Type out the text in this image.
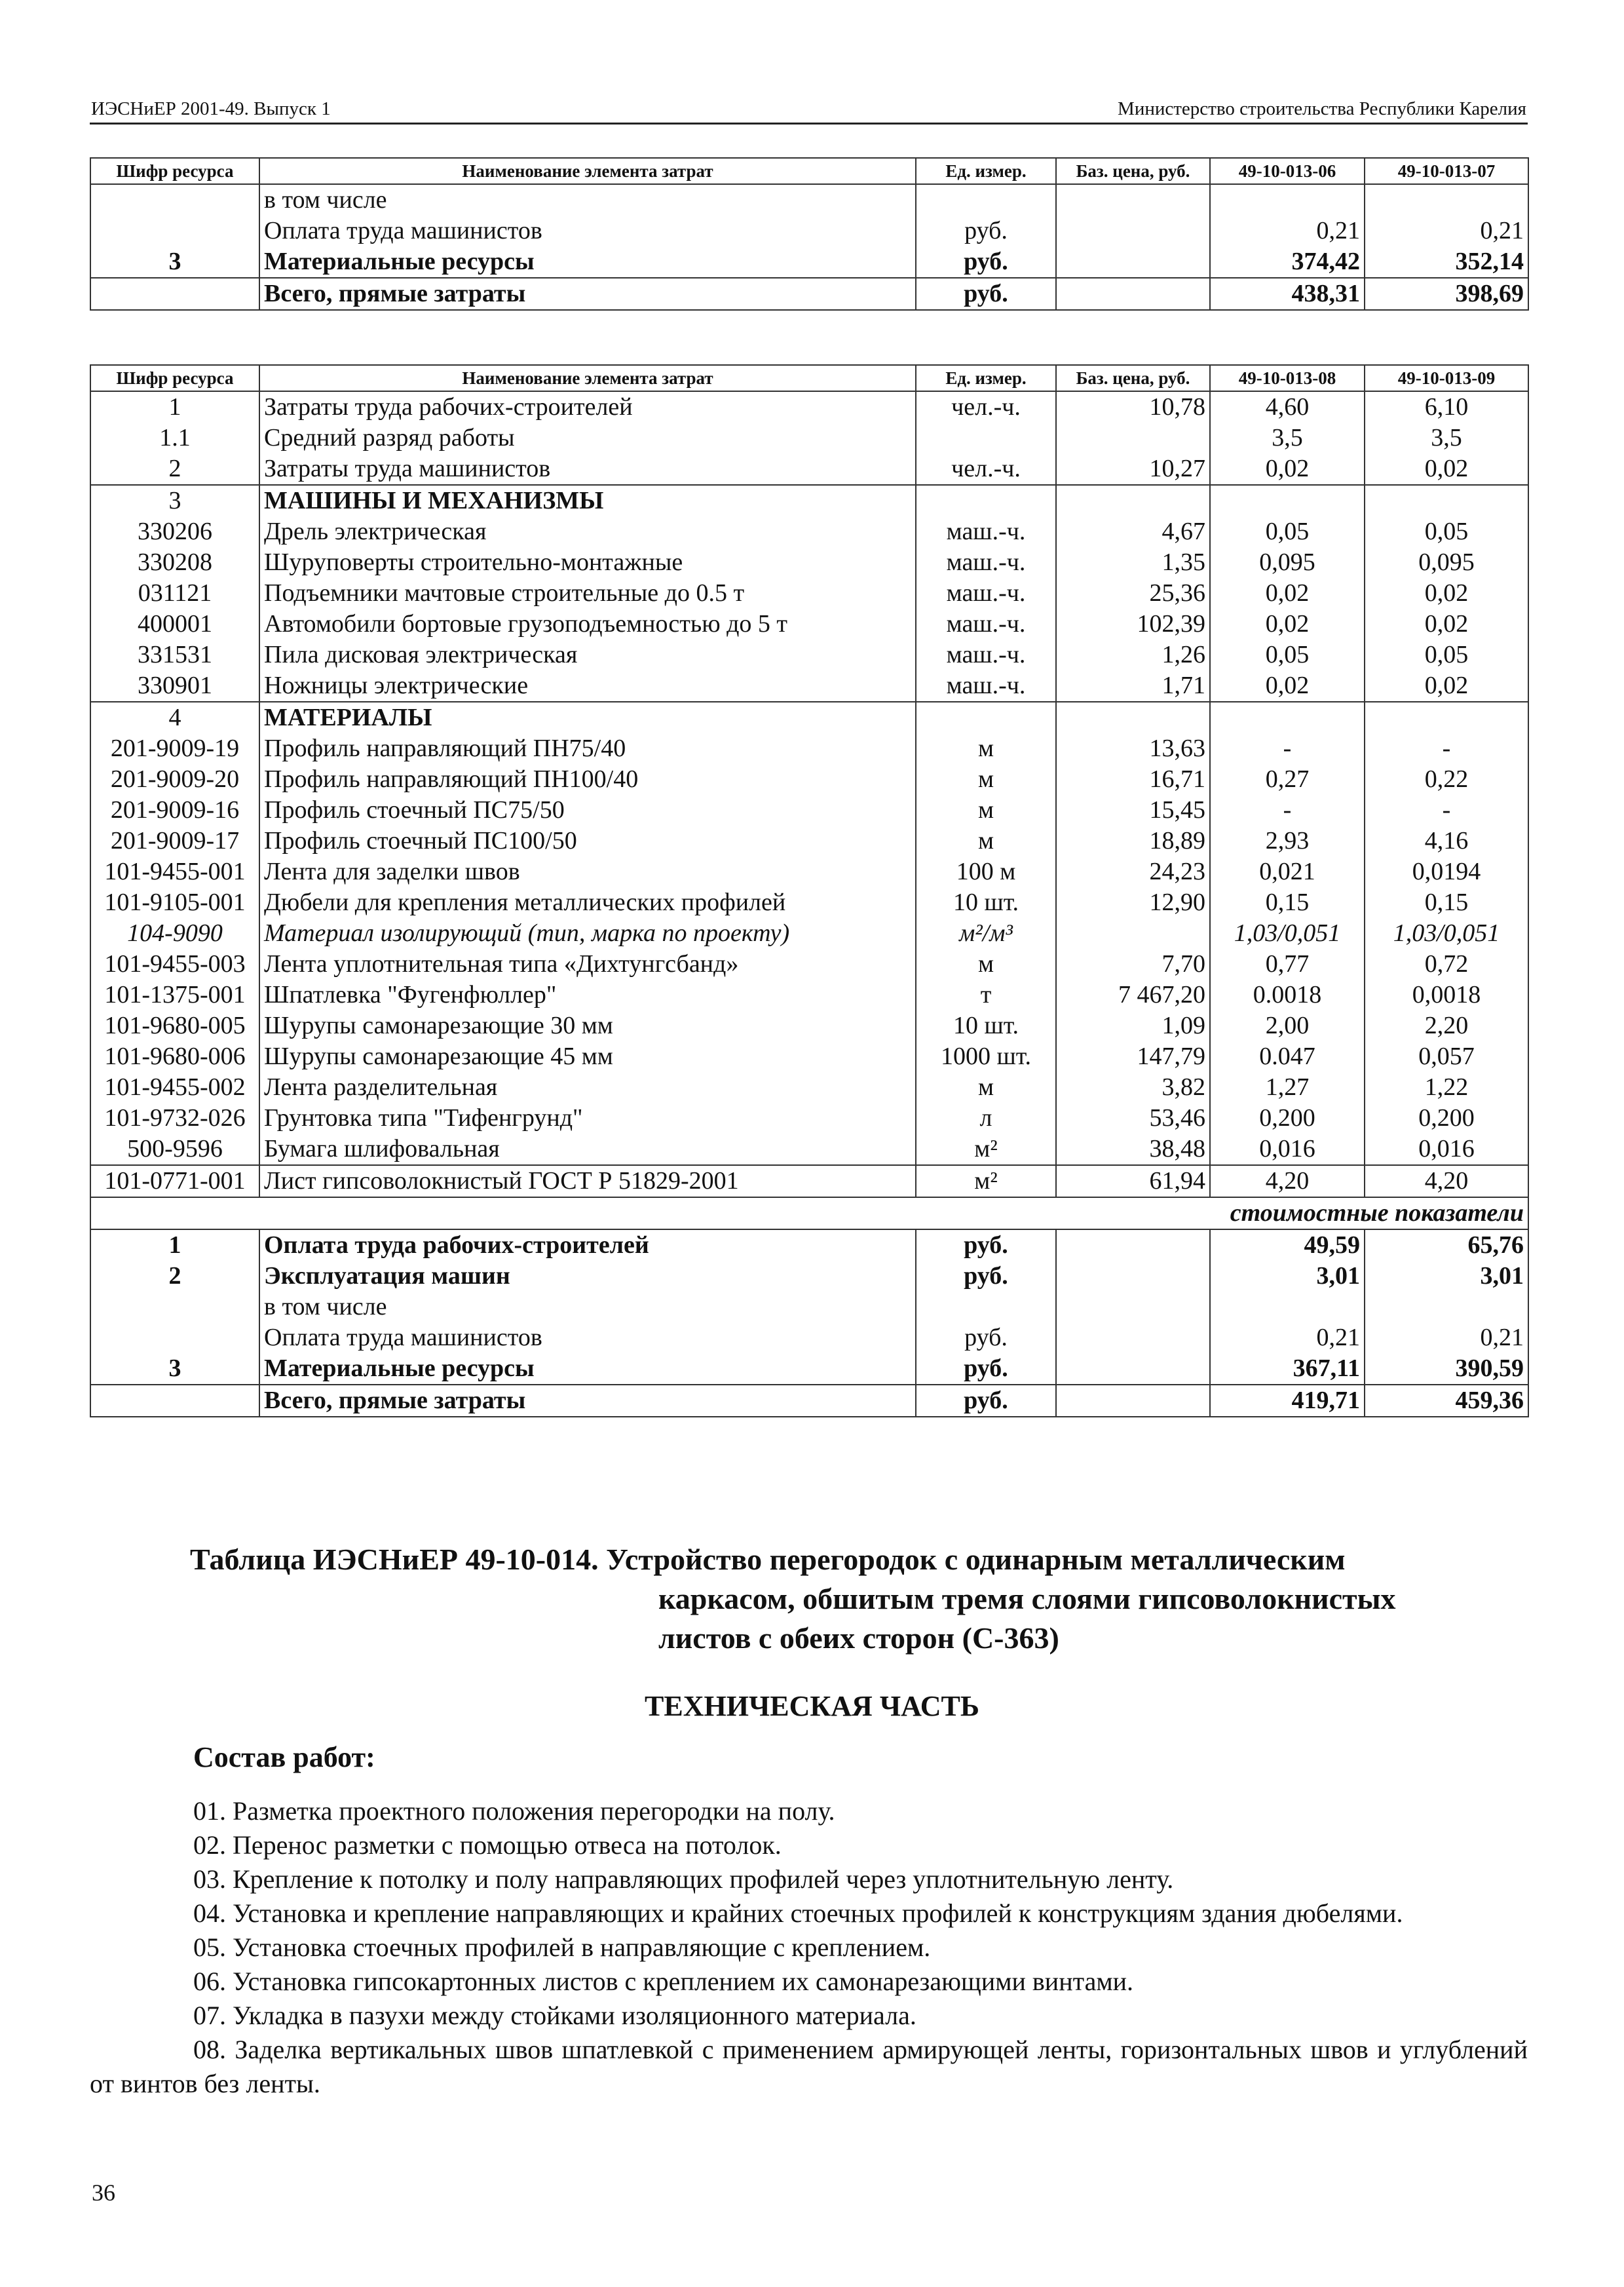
ИЭСНиЕР 2001-49. Выпуск 1	Министерство строительства Республики Карелия
Шифр ресурса	Наименование элемента затрат	Ед. измер.	Баз. цена, руб.	49-10-013-06	49-10-013-07
	в том числе				
	Оплата труда машинистов	руб.		0,21	0,21
3	Материальные ресурсы	руб.		374,42	352,14
	Всего, прямые затраты	руб.		438,31	398,69
Шифр ресурса	Наименование элемента затрат	Ед. измер.	Баз. цена, руб.	49-10-013-08	49-10-013-09
1	Затраты труда рабочих-строителей	чел.-ч.	10,78	4,60	6,10
1.1	Средний разряд работы			3,5	3,5
2	Затраты труда машинистов	чел.-ч.	10,27	0,02	0,02
3	МАШИНЫ И МЕХАНИЗМЫ				
330206	Дрель электрическая	маш.-ч.	4,67	0,05	0,05
330208	Шуруповерты строительно-монтажные	маш.-ч.	1,35	0,095	0,095
031121	Подъемники мачтовые строительные до 0.5 т	маш.-ч.	25,36	0,02	0,02
400001	Автомобили бортовые грузоподъемностью до 5 т	маш.-ч.	102,39	0,02	0,02
331531	Пила дисковая электрическая	маш.-ч.	1,26	0,05	0,05
330901	Ножницы электрические	маш.-ч.	1,71	0,02	0,02
4	МАТЕРИАЛЫ				
201-9009-19	Профиль направляющий ПН75/40	м	13,63	-	-
201-9009-20	Профиль направляющий ПН100/40	м	16,71	0,27	0,22
201-9009-16	Профиль стоечный ПС75/50	м	15,45	-	-
201-9009-17	Профиль стоечный ПС100/50	м	18,89	2,93	4,16
101-9455-001	Лента для заделки швов	100 м	24,23	0,021	0,0194
101-9105-001	Дюбели для крепления металлических профилей	10 шт.	12,90	0,15	0,15
104-9090	Материал изолирующий (тип, марка по проекту)	м²/м³		1,03/0,051	1,03/0,051
101-9455-003	Лента уплотнительная типа «Дихтунгсбанд»	м	7,70	0,77	0,72
101-1375-001	Шпатлевка "Фугенфюллер"	т	7 467,20	0.0018	0,0018
101-9680-005	Шурупы самонарезающие 30 мм	10 шт.	1,09	2,00	2,20
101-9680-006	Шурупы самонарезающие 45 мм	1000 шт.	147,79	0.047	0,057
101-9455-002	Лента разделительная	м	3,82	1,27	1,22
101-9732-026	Грунтовка типа "Тифенгрунд"	л	53,46	0,200	0,200
500-9596	Бумага шлифовальная	м²	38,48	0,016	0,016
101-0771-001	Лист гипсоволокнистый ГОСТ Р 51829-2001	м²	61,94	4,20	4,20
стоимостные показатели					
1	Оплата труда рабочих-строителей	руб.		49,59	65,76
2	Эксплуатация машин	руб.		3,01	3,01
	в том числе				
	Оплата труда машинистов	руб.		0,21	0,21
3	Материальные ресурсы	руб.		367,11	390,59
	Всего, прямые затраты	руб.		419,71	459,36
Таблица ИЭСНиЕР 49-10-014. Устройство перегородок с одинарным металлическим
каркасом, обшитым тремя слоями гипсоволокнистых
листов с обеих сторон (С-363)
ТЕХНИЧЕСКАЯ ЧАСТЬ
Состав работ:

01. Разметка проектного положения перегородки на полу.

02. Перенос разметки с помощью отвеса на потолок.

03. Крепление к потолку и полу направляющих профилей через уплотнительную ленту.

04. Установка и крепление направляющих и крайних стоечных профилей к конструкциям здания дюбелями.

05. Установка стоечных профилей в направляющие с креплением.

06. Установка гипсокартонных листов с креплением их самонарезающими винтами.

07. Укладка в пазухи между стойками изоляционного материала.

08. Заделка вертикальных швов шпатлевкой с применением армирующей ленты, горизонтальных швов и углублений от винтов без ленты.

36
